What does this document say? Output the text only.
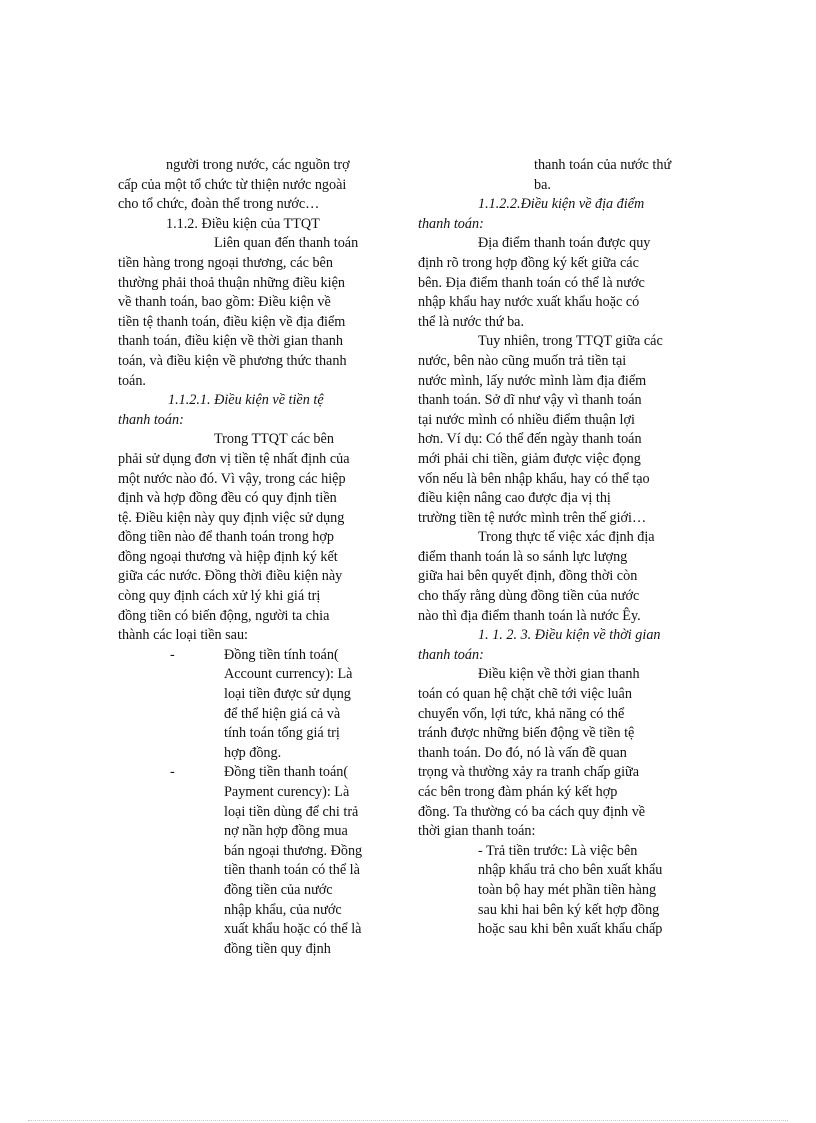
người trong nước, các nguồn trợ
cấp của một tổ chức từ thiện nước ngoài
cho tổ chức, đoàn thể trong nước…
1.1.2. Điều kiện của TTQT
Liên quan đến thanh toán
tiền hàng trong ngoại thương, các bên
thường phải thoả thuận những điều kiện
về thanh toán, bao gồm: Điều kiện về
tiền tệ thanh toán, điều kiện về địa điểm
thanh toán, điều kiện về thời gian thanh
toán, và điều kiện về phương thức thanh
toán.
1.1.2.1. Điều kiện về tiền tệ
thanh toán:
Trong TTQT các bên
phải sử dụng đơn vị tiền tệ nhất định của
một nước nào đó. Vì vậy, trong các hiệp
định và hợp đồng đều có quy định tiền
tệ. Điều kiện này quy định việc sử dụng
đồng tiền nào để thanh toán trong hợp
đồng ngoại thương và hiệp định ký kết
giữa các nước. Đồng thời điều kiện này
còng quy định cách xử lý khi giá trị
đồng tiền có biến động, người ta chia
thành các loại tiền sau:
-	Đồng tiền tính toán(
Account currency): Là
loại tiền được sử dụng
để thể hiện giá cả và
tính toán tổng giá trị
hợp đồng.
-	Đồng tiền thanh toán(
Payment curency): Là
loại tiền dùng để chi trả
nợ nần hợp đồng mua
bán ngoại thương. Đồng
tiền thanh toán có thể là
đồng tiền của nước
nhập khẩu, của nước
xuất khẩu hoặc có thể là
đồng tiền quy định
thanh toán của nước thứ
ba.
1.1.2.2.Điều kiện về địa điểm
thanh toán:
Địa điểm thanh toán được quy
định rõ trong hợp đồng ký kết giữa các
bên. Địa điểm thanh toán có thể là nước
nhập khẩu hay nước xuất khẩu hoặc có
thể là nước thứ ba.
Tuy nhiên, trong TTQT giữa các
nước, bên nào cũng muốn trả tiền tại
nước mình, lấy nước mình làm địa điểm
thanh toán. Sở dĩ như vậy vì thanh toán
tại nước mình có nhiều điểm thuận lợi
hơn. Ví dụ: Có thể đến ngày thanh toán
mới phải chi tiền, giảm được việc đọng
vốn nếu là bên nhập khẩu, hay có thể tạo
điều kiện nâng cao được địa vị thị
trường tiền tệ nước mình trên thế giới…
Trong thực tế việc xác định địa
điểm thanh toán là so sánh lực lượng
giữa hai bên quyết định, đồng thời còn
cho thấy rằng dùng đồng tiền của nước
nào thì địa điểm thanh toán là nước Êy.
1. 1. 2. 3. Điều kiện về thời gian
thanh toán:
Điều kiện về thời gian thanh
toán có quan hệ chặt chẽ tới việc luân
chuyển vốn, lợi tức, khả năng có thể
tránh được những biến động về tiền tệ
thanh toán. Do đó, nó là vấn đề quan
trọng và thường xảy ra tranh chấp giữa
các bên trong đàm phán ký kết hợp
đồng. Ta thường có ba cách quy định về
thời gian thanh toán:
- Trả tiền trước: Là việc bên
nhập khẩu trả cho bên xuất khẩu
toàn bộ hay mét phần tiền hàng
sau khi hai bên ký kết hợp đồng
hoặc sau khi bên xuất khẩu chấp
